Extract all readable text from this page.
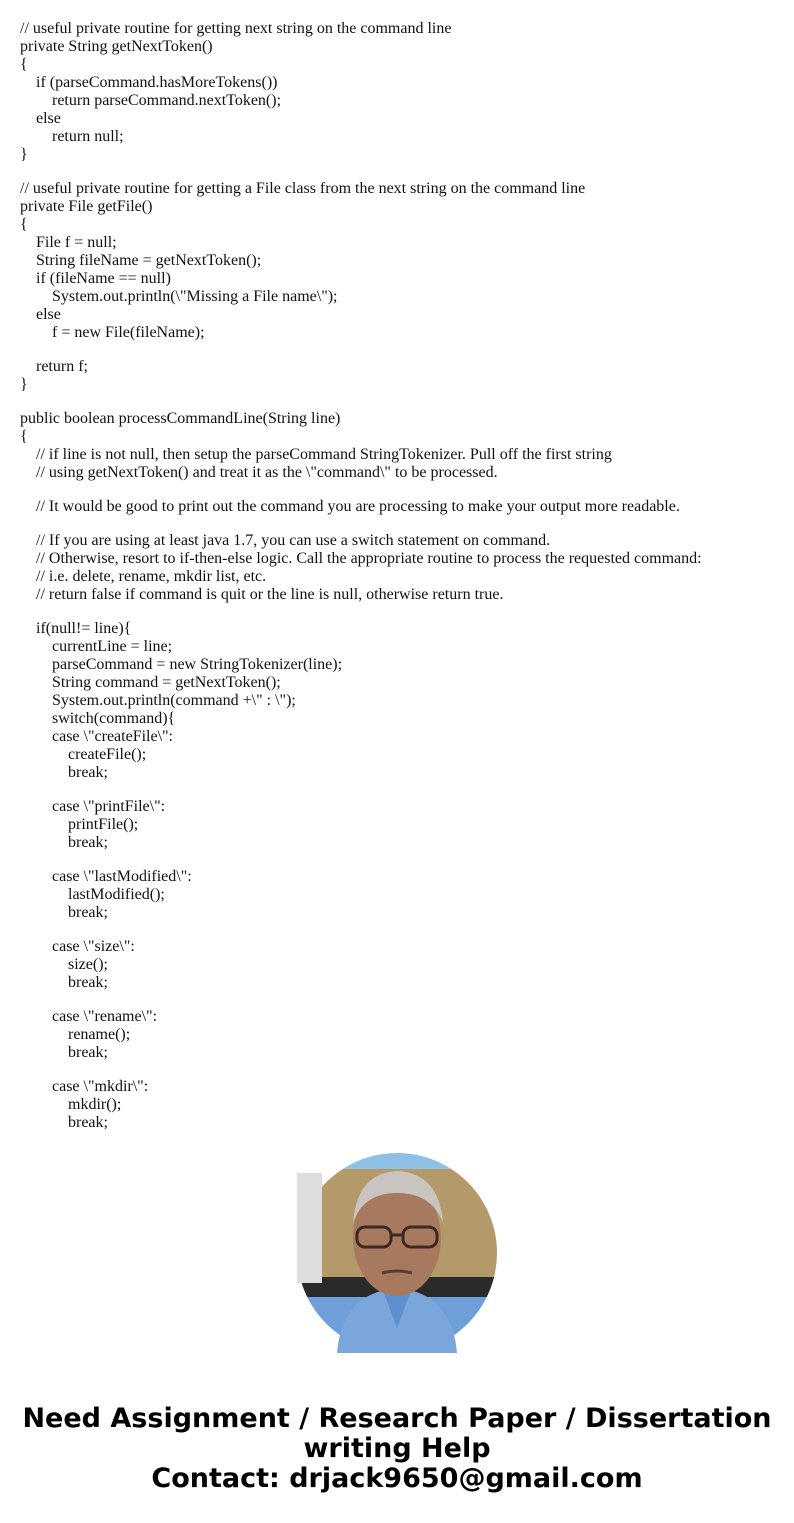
// useful private routine for getting next string on the command line
private String getNextToken()
{
if (parseCommand.hasMoreTokens())
return parseCommand.nextToken();
else
return null;
}
// useful private routine for getting a File class from the next string on the command line
private File getFile()
{
File f = null;
String fileName = getNextToken();
if (fileName == null)
System.out.println(\"Missing a File name\");
else
f = new File(fileName);
return f;
}
public boolean processCommandLine(String line)
{
// if line is not null, then setup the parseCommand StringTokenizer. Pull off the first string
// using getNextToken() and treat it as the \"command\" to be processed.
// It would be good to print out the command you are processing to make your output more readable.
// If you are using at least java 1.7, you can use a switch statement on command.
// Otherwise, resort to if-then-else logic. Call the appropriate routine to process the requested command:
// i.e. delete, rename, mkdir list, etc.
// return false if command is quit or the line is null, otherwise return true.
if(null!= line){
currentLine = line;
parseCommand = new StringTokenizer(line);
String command = getNextToken();
System.out.println(command +\" : \");
switch(command){
case \"createFile\":
createFile();
break;
case \"printFile\":
printFile();
break;
case \"lastModified\":
lastModified();
break;
case \"size\":
size();
break;
case \"rename\":
rename();
break;
case \"mkdir\":
mkdir();
break;
Need Assignment / Research Paper / Dissertation
writing Help
Contact: drjack9650@gmail.com
